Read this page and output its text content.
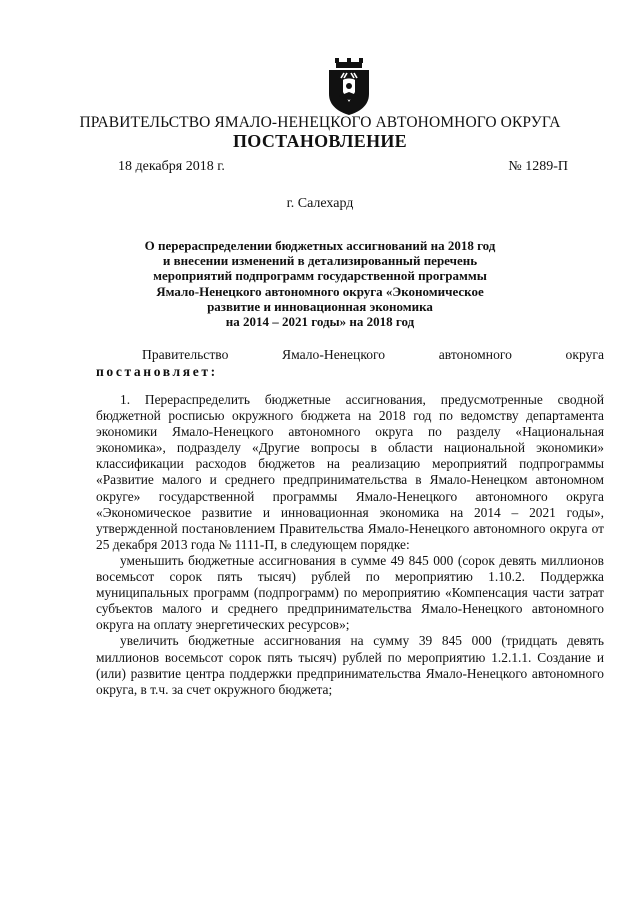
ПРАВИТЕЛЬСТВО ЯМАЛО-НЕНЕЦКОГО АВТОНОМНОГО ОКРУГА
ПОСТАНОВЛЕНИЕ
18 декабря 2018 г.	№ 1289-П
г. Салехард
О перераспределении бюджетных ассигнований на 2018 год
и внесении изменений в детализированный перечень
мероприятий подпрограмм государственной программы
Ямало-Ненецкого автономного округа «Экономическое
развитие и инновационная экономика
на 2014 – 2021 годы» на 2018 год
Правительство	Ямало-Ненецкого	автономного	округа
постановляет:

1. Перераспределить бюджетные ассигнования, предусмотренные сводной бюджетной росписью окружного бюджета на 2018 год по ведомству департамента экономики Ямало-Ненецкого автономного округа по разделу «Национальная экономика», подразделу «Другие вопросы в области национальной экономики» классификации расходов бюджетов на реализацию мероприятий подпрограммы «Развитие малого и среднего предпринимательства в Ямало-Ненецком автономном округе» государственной программы Ямало-Ненецкого автономного округа «Экономическое развитие и инновационная экономика на 2014 – 2021 годы», утвержденной постановлением Правительства Ямало-Ненецкого автономного округа от 25 декабря 2013 года № 1111-П, в следующем порядке:

уменьшить бюджетные ассигнования в сумме 49 845 000 (сорок девять миллионов восемьсот сорок пять тысяч) рублей по мероприятию 1.10.2. Поддержка муниципальных программ (подпрограмм) по мероприятию «Компенсация части затрат субъектов малого и среднего предпринимательства Ямало-Ненецкого автономного округа на оплату энергетических ресурсов»;

увеличить бюджетные ассигнования на сумму 39 845 000 (тридцать девять миллионов восемьсот сорок пять тысяч) рублей по мероприятию 1.2.1.1. Создание и (или) развитие центра поддержки предпринимательства Ямало-Ненецкого автономного округа, в т.ч. за счет окружного бюджета;
